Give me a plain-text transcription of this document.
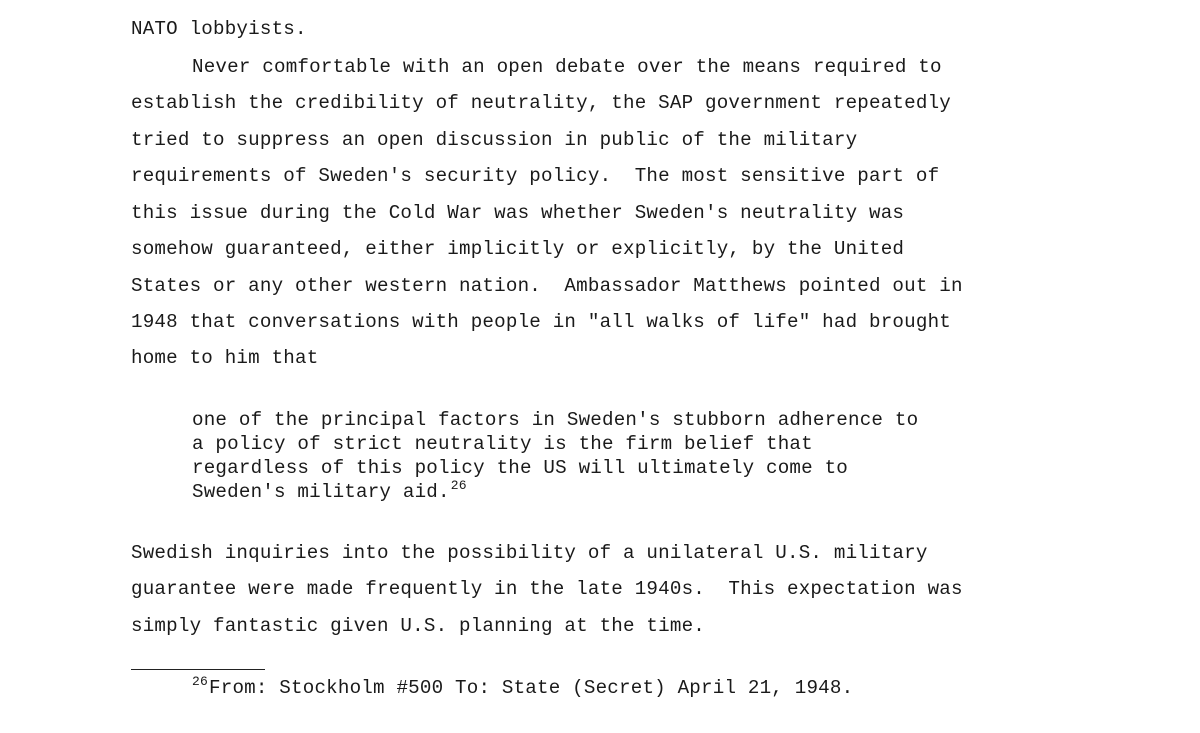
NATO lobbyists.
Never comfortable with an open debate over the means required to
establish the credibility of neutrality, the SAP government repeatedly
tried to suppress an open discussion in public of the military
requirements of Sweden's security policy.  The most sensitive part of
this issue during the Cold War was whether Sweden's neutrality was
somehow guaranteed, either implicitly or explicitly, by the United
States or any other western nation.  Ambassador Matthews pointed out in
1948 that conversations with people in "all walks of life" had brought
home to him that
one of the principal factors in Sweden's stubborn adherence to
a policy of strict neutrality is the firm belief that
regardless of this policy the US will ultimately come to
Sweden's military aid.$^{26}$
Swedish inquiries into the possibility of a unilateral U.S. military
guarantee were made frequently in the late 1940s.  This expectation was
simply fantastic given U.S. planning at the time.
$^{26}$From: Stockholm #500 To: State (Secret) April 21, 1948.
